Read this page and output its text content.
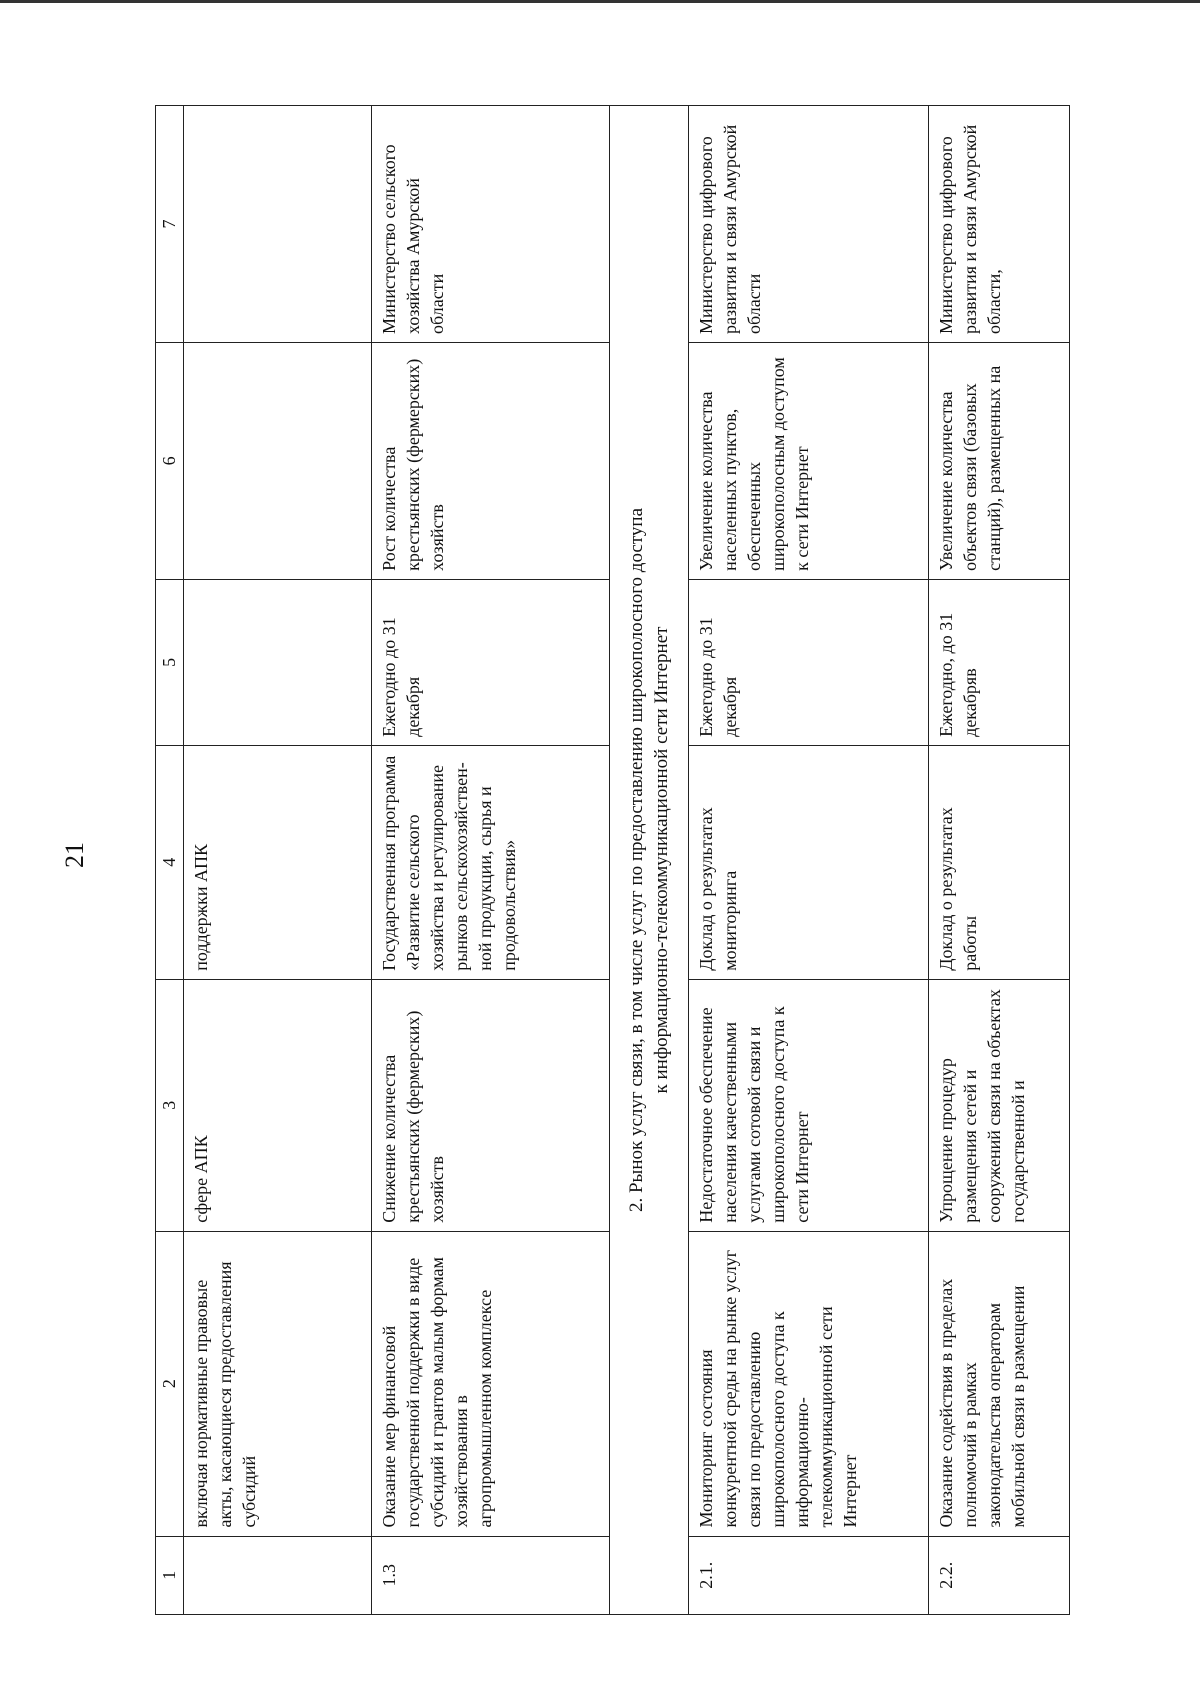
21
1	2	3	4	5	6	7
	включая нормативные правовые акты, касающиеся предоставления субсидий	сфере АПК	поддержки АПК			
1.3	Оказание мер финансовой государственной поддержки в виде субсидий и грантов малым формам хозяйствования в агропромышленном комплексе	Снижение количества крестьянских (фермерских) хозяйств	Государственная программа «Развитие сельского хозяйства и регулирование рынков сельскохозяйствен-ной продукции, сырья и продовольствия»	Ежегодно до 31 декабря	Рост количества крестьянских (фермерских) хозяйств	Министерство сельского хозяйства Амурской области

2. Рынок услуг связи, в том числе услуг по предоставлению широкополосного доступа к информационно-телекоммуникационной сети Интернет						

2.1.	Мониторинг состояния конкурентной среды на рынке услуг связи по предоставлению широкополосного доступа к информационно-телекоммуникационной сети Интернет	Недостаточное обеспечение населения качественными услугами сотовой связи и широкополосного доступа к сети Интернет	Доклад о результатах мониторинга	Ежегодно до 31 декабря	Увеличение количества населенных пунктов, обеспеченных широкополосным доступом к сети Интернет	Министерство цифрового развития и связи Амурской области
2.2.	Оказание содействия в пределах полномочий в рамках законодательства операторам мобильной связи в размещении	Упрощение процедур размещения сетей и сооружений связи на объектах государственной и	Доклад о результатах работы	Ежегодно, до 31 декабряв	Увеличение количества объектов связи (базовых станций), размещенных на	Министерство цифрового развития и связи Амурской области,
